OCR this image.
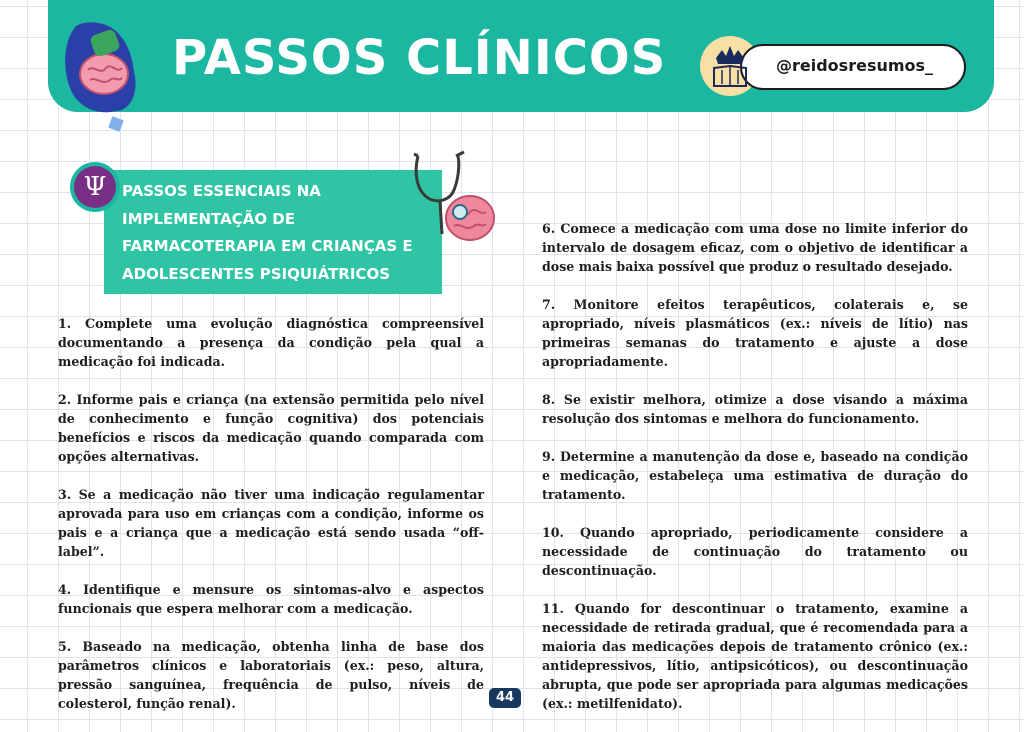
PASSOS CLÍNICOS	@reidosresumos_
Ψ	PASSOS ESSENCIAIS NA IMPLEMENTAÇÃO DE FARMACOTERAPIA EM CRIANÇAS E ADOLESCENTES PSIQUIÁTRICOS

1. Complete uma evolução diagnóstica compreensível documentando a presença da condição pela qual a medicação foi indicada.

2. Informe pais e criança (na extensão permitida pelo nível de conhecimento e função cognitiva) dos potenciais benefícios e riscos da medicação quando comparada com opções alternativas.

3. Se a medicação não tiver uma indicação regulamentar aprovada para uso em crianças com a condição, informe os pais e a criança que a medicação está sendo usada “off-label”.

4. Identifique e mensure os sintomas-alvo e aspectos funcionais que espera melhorar com a medicação.

5. Baseado na medicação, obtenha linha de base dos parâmetros clínicos e laboratoriais (ex.: peso, altura, pressão sanguínea, frequência de pulso, níveis de colesterol, função renal).

6. Comece a medicação com uma dose no limite inferior do intervalo de dosagem eficaz, com o objetivo de identificar a dose mais baixa possível que produz o resultado desejado.

7. Monitore efeitos terapêuticos, colaterais e, se apropriado, níveis plasmáticos (ex.: níveis de lítio) nas primeiras semanas do tratamento e ajuste a dose apropriadamente.

8. Se existir melhora, otimize a dose visando a máxima resolução dos sintomas e melhora do funcionamento.

9. Determine a manutenção da dose e, baseado na condição e medicação, estabeleça uma estimativa de duração do tratamento.

10. Quando apropriado, periodicamente considere a necessidade de continuação do tratamento ou descontinuação.

11. Quando for descontinuar o tratamento, examine a necessidade de retirada gradual, que é recomendada para a maioria das medicações depois de tratamento crônico (ex.: antidepressivos, lítio, antipsicóticos), ou descontinuação abrupta, que pode ser apropriada para algumas medicações (ex.: metilfenidato).

44
